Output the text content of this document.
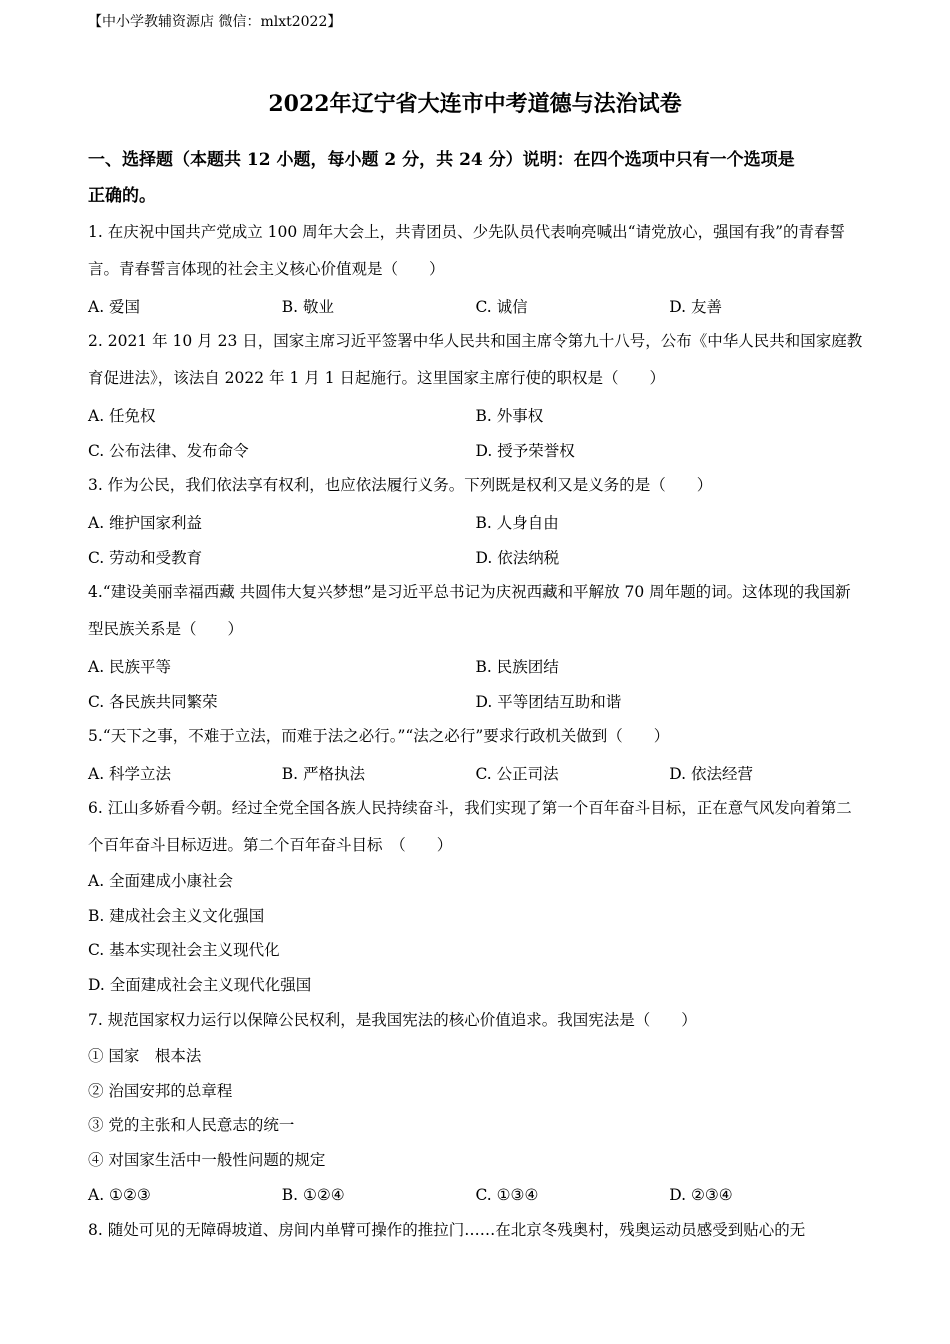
【中小学教辅资源店 微信：mlxt2022】
2022年辽宁省大连市中考道德与法治试卷
一、选择题（本题共 12 小题，每小题 2 分，共 24 分）说明：在四个选项中只有一个选项是
正确的。

1. 在庆祝中国共产党成立 100 周年大会上，共青团员、少先队员代表响亮喊出“请党放心，强国有我”的青春誓言。青春誓言体现的社会主义核心价值观是（　　）

A. 爱国	B. 敬业	C. 诚信	D. 友善

2. 2021 年 10 月 23 日，国家主席习近平签署中华人民共和国主席令第九十八号，公布《中华人民共和国家庭教育促进法》，该法自 2022 年 1 月 1 日起施行。这里国家主席行使的职权是（　　）

A. 任免权	B. 外事权
C. 公布法律、发布命令	D. 授予荣誉权

3. 作为公民，我们依法享有权利，也应依法履行义务。下列既是权利又是义务的是（　　）

A. 维护国家利益	B. 人身自由
C. 劳动和受教育	D. 依法纳税

4.“建设美丽幸福西藏 共圆伟大复兴梦想”是习近平总书记为庆祝西藏和平解放 70 周年题的词。这体现的我国新型民族关系是（　　）

A. 民族平等	B. 民族团结
C. 各民族共同繁荣	D. 平等团结互助和谐

5.“天下之事，不难于立法，而难于法之必行。”“法之必行”要求行政机关做到（　　）

A. 科学立法	B. 严格执法	C. 公正司法	D. 依法经营

6. 江山多娇看今朝。经过全党全国各族人民持续奋斗，我们实现了第一个百年奋斗目标，正在意气风发向着第二个百年奋斗目标迈进。第二个百年奋斗目标　（　　）

A. 全面建成小康社会
B. 建成社会主义文化强国
C. 基本实现社会主义现代化
D. 全面建成社会主义现代化强国

7. 规范国家权力运行以保障公民权利，是我国宪法的核心价值追求。我国宪法是（　　）

① 国家　根本法
② 治国安邦的总章程
③ 党的主张和人民意志的统一
④ 对国家生活中一般性问题的规定
A. ①②③	B. ①②④	C. ①③④	D. ②③④

8. 随处可见的无障碍坡道、房间内单臂可操作的推拉门……在北京冬残奥村，残奥运动员感受到贴心的无
